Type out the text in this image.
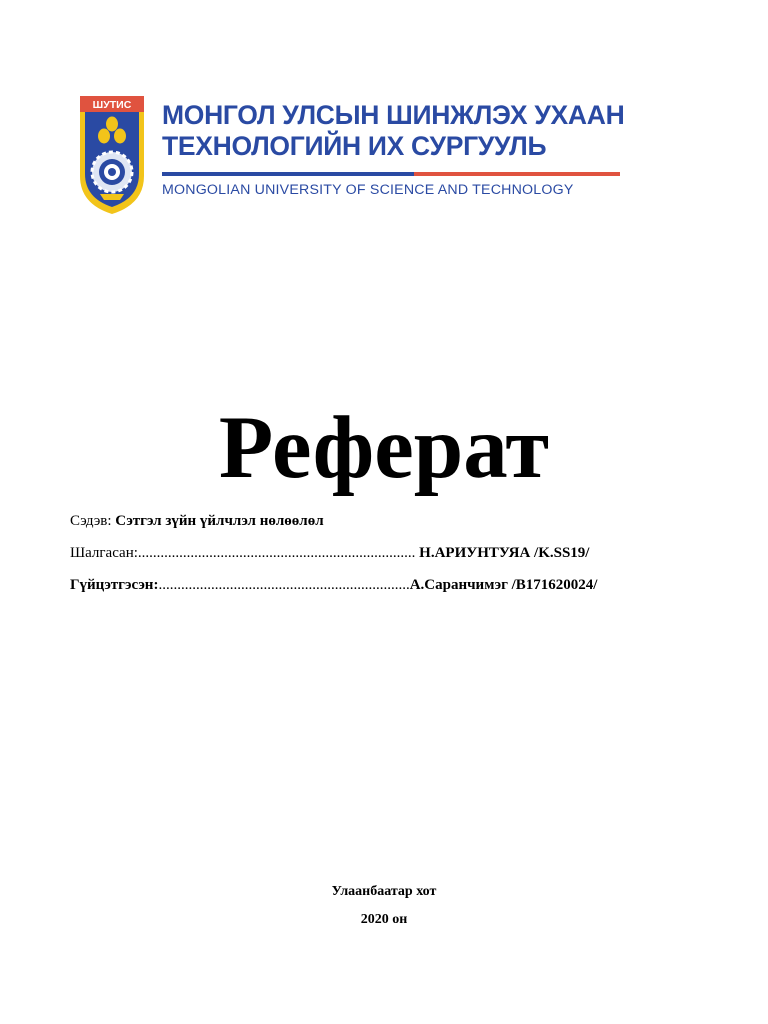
ШУТИС МОНГОЛ УЛСЫН ШИНЖЛЭХ УХААН
ТЕХНОЛОГИЙН ИХ СУРГУУЛЬ
MONGOLIAN UNIVERSITY OF SCIENCE AND TECHNOLOGY
Реферат
Сэдэв: Сэтгэл зүйн үйлчлэл нөлөөлөл
Шалгасан:.......................................................................... Н.АРИУНТУЯА /K.SS19/
Гүйцэтгэсэн:...................................................................А.Саранчимэг /B171620024/
Улаанбаатар хот
2020 он
